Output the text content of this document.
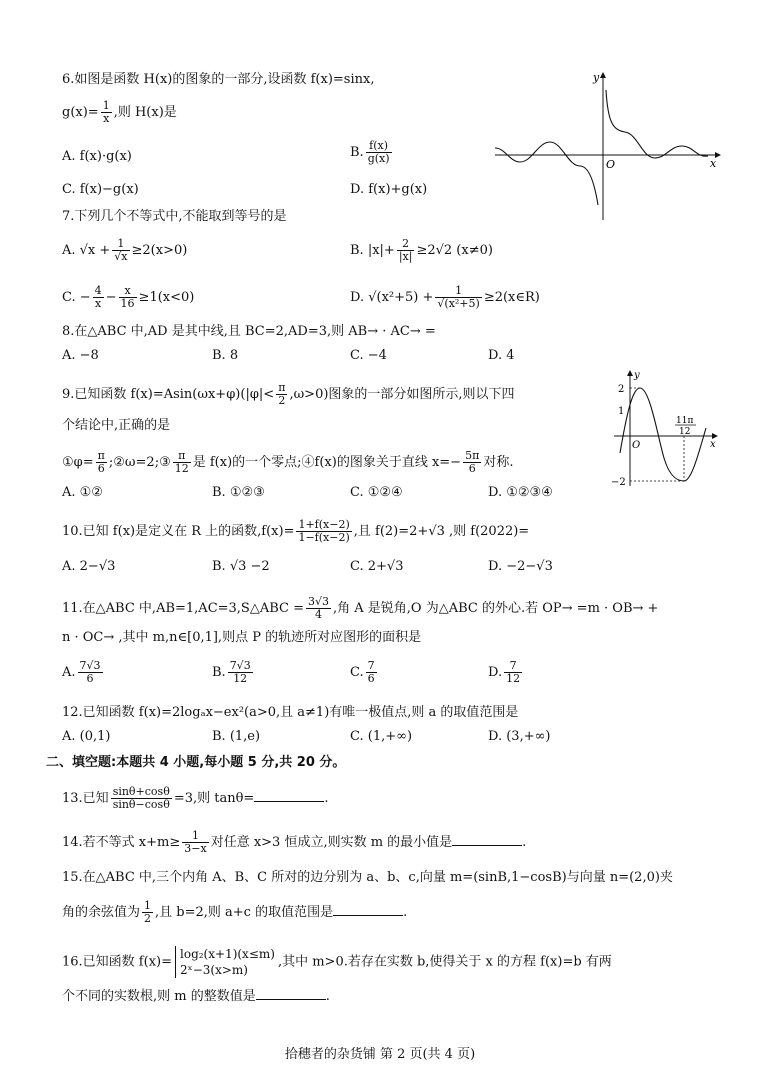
6.如图是函数 H(x)的图象的一部分,设函数 f(x)=sinx,
$g(x)= \frac{1}{x}$ ,则 H(x)是
A. f(x)·g(x)	B. $\frac{f(x)}{g(x)}$
C. f(x)−g(x)	D. f(x)+g(x)
y
x
O
7.下列几个不等式中,不能取到等号的是
A. $√x + \frac{1}{√x} \ge 2(x>0)$	B. $|x|+ \frac{2}{|x|} \ge 2√2$ (x≠0)
C. − $\frac{4}{x} - \frac{x}{16} \ge 1(x<0)$	D. $√(x^2+5) + \frac{1}{\text{√(x²+5)}}$ ≥2(x∈R)
8.在△ABC 中,AD 是其中线,且 BC=2,AD=3,则 AB→ · AC→ =
A. −8	B. 8	C. −4	D. 4
9.已知函数 $f(x)=Asin(\omega x+\varphi)(|\varphi|< \frac{\pi}{2} ,\omega>0)$图象的一部分如图所示,则以下四
个结论中,正确的是
①φ= $\frac{\pi}{6}$ ;②ω=2;③ $\frac{\pi}{12}$ 是 f(x)的一个零点;④f(x)的图象关于直线 $x=- \frac{5\pi}{6}$ 对称.
A. ①②	B. ①②③	C. ①②④	D. ①②③④
y
x
O
2
1
−2
11π
12
10.已知 f(x)是定义在 R 上的函数$,f(x)= \frac{1+f(x-2)}{1-f(x-2)}$ ,且 f(2)=2+√3 ,则 f(2022)=
A. 2−√3	B. √3 −2	C. 2+√3	D. −2−√3
11.在△ABC 中,AB=1,AC=3,S△ABC = $\frac{3√3}{4}$ ,角 A 是锐角,O 为△ABC 的外心.若 OP→ =m · OB→ +
n · OC→ ,其中 m,n∈[0,1],则点 P 的轨迹所对应图形的面积是
A. $\frac{7√3}{6}$	B. $\frac{7√3}{12}$	C. $\frac{7}{6}$	D. $\frac{7}{12}$
12.已知函数 f(x)=2logₐx−ex²(a>0,且 a≠1)有唯一极值点,则 a 的取值范围是
A. (0,1)	B. (1,e)	C. (1,+∞)	D. (3,+∞)
二、填空题:本题共 4 小题,每小题 5 分,共 20 分。
13.已知 $\frac{\sin\theta+\cos\theta}{\sin\theta-\cos\theta} =3$,则 tanθ=	.
14.若不等式 $x+m\ge \frac{1}{3-x}$ 对任意 x>3 恒成立,则实数 m 的最小值是	.
15.在△ABC 中,三个内角 A、B、C 所对的边分别为 a、b、c,向量 m=(sinB,1−cosB)与向量 n=(2,0)夹
角的余弦值为 $\frac{1}{2}$ ,且 b=2,则 a+c 的取值范围是	.
16.已知函数 f(x)=
log₂(x+1)(x≤m)
2ˣ−3(x>m)
,其中 m>0.若存在实数 b,使得关于 x 的方程 f(x)=b 有两
个不同的实数根,则 m 的整数值是	.
拾穗者的杂货铺 第 2 页(共 4 页)
